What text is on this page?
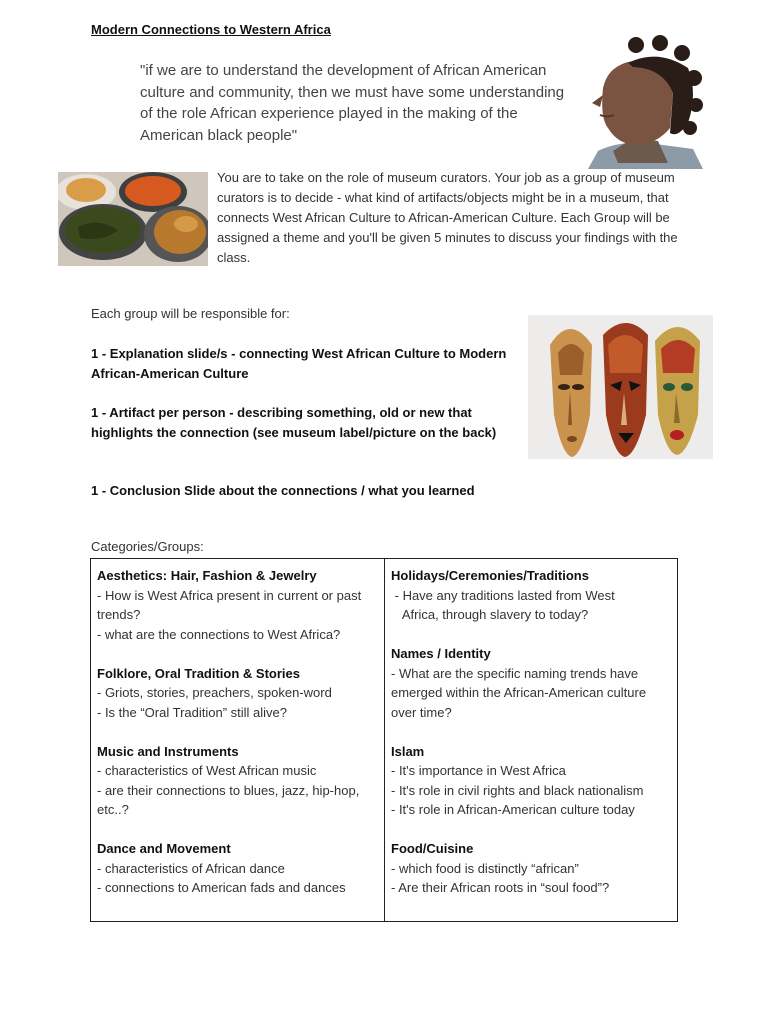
Modern Connections to Western Africa
"if we are to understand the development of African American culture and community, then we must have some understanding of the role African experience played in the making of the American black people"
You are to take on the role of museum curators. Your job as a group of museum curators is to decide - what kind of artifacts/objects might be in a museum, that connects West African Culture to African-American Culture. Each Group will be assigned a theme and you'll be given 5 minutes to discuss your findings with the class.
Each group will be responsible for:
1 - Explanation slide/s - connecting West African Culture to Modern African-American Culture
1 - Artifact per person - describing something, old or new that highlights the connection (see museum label/picture on the back)
1 - Conclusion Slide about the connections / what you learned
Categories/Groups:
Aesthetics: Hair, Fashion & Jewelry
- How is West Africa present in current or past trends?
- what are the connections to West Africa?
Folklore, Oral Tradition & Stories
- Griots, stories, preachers, spoken-word
- Is the “Oral Tradition” still alive?
Music and Instruments
- characteristics of West African music
- are their connections to blues, jazz, hip-hop, etc..?
Dance and Movement
- characteristics of African dance
- connections to American fads and dances
Holidays/Ceremonies/Traditions
- Have any traditions lasted from West
Africa, through slavery to today?
Names / Identity
- What are the specific naming trends have emerged within the African-American culture over time?
Islam
- It's importance in West Africa
- It's role in civil rights and black nationalism
- It's role in African-American culture today
Food/Cuisine
- which food is distinctly “african”
- Are their African roots in “soul food”?
